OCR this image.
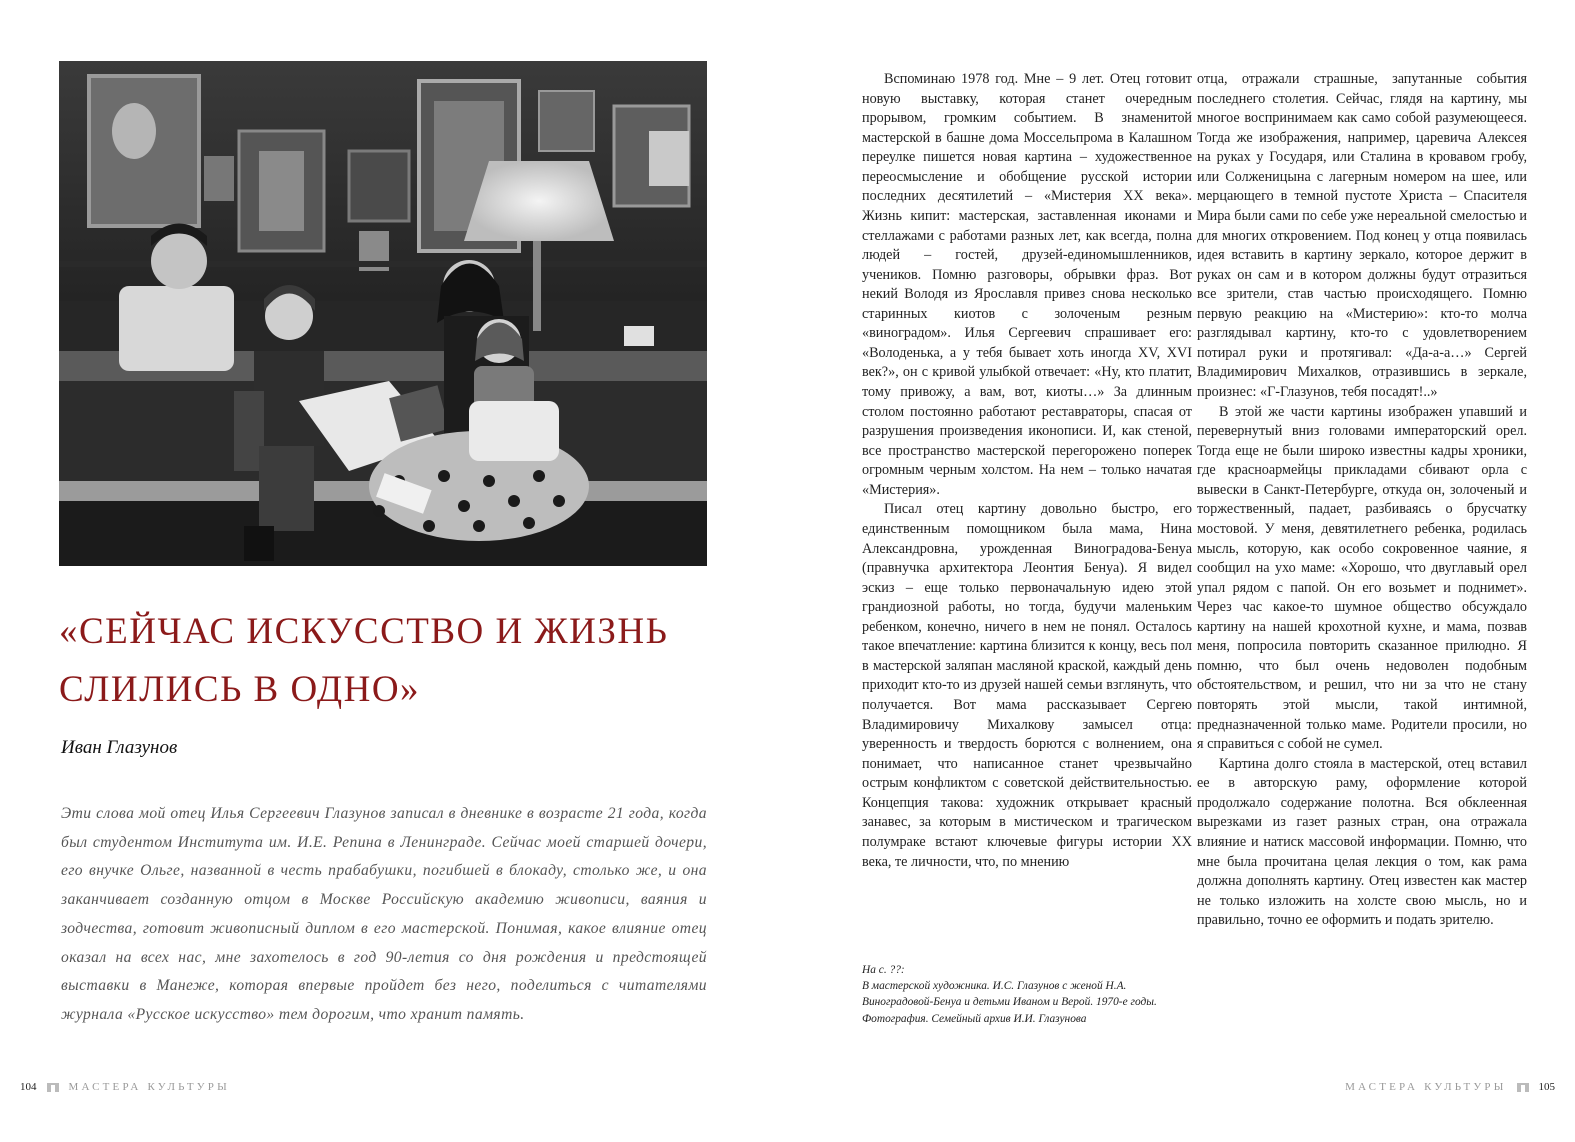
«СЕЙЧАС ИСКУССТВО И ЖИЗНЬ
СЛИЛИСЬ В ОДНО»
Иван Глазунов

Эти слова мой отец Илья Сергеевич Глазунов записал в дневнике в возрасте 21 года, когда был студентом Института им. И.Е. Репина в Ленинграде. Сейчас моей старшей дочери, его внучке Ольге, названной в честь прабабушки, погибшей в блокаду, столько же, и она заканчивает созданную отцом в Москве Российскую академию живописи, ваяния и зодчества, готовит живописный диплом в его мастерской. Понимая, какое влияние отец оказал на всех нас, мне захотелось в год 90-летия со дня рождения и предстоящей выставки в Манеже, которая впервые пройдет без него, поделиться с читателями журнала «Русское искусство» тем дорогим, что хранит память.

Вспоминаю 1978 год. Мне – 9 лет. Отец готовит новую выставку, которая станет очередным прорывом, громким событием. В знаменитой мастерской в башне дома Моссельпрома в Калашном переулке пишется новая картина – художественное переосмысление и обобщение русской истории последних десятилетий – «Мистерия XX века». Жизнь кипит: мастерская, заставленная иконами и стеллажами с работами разных лет, как всегда, полна людей – гостей, друзей-единомышленников, учеников. Помню разговоры, обрывки фраз. Вот некий Володя из Ярославля привез снова несколько старинных киотов с золоченым резным «виноградом». Илья Сергеевич спрашивает его: «Володенька, а у тебя бывает хоть иногда XV, XVI век?», он с кривой улыбкой отвечает: «Ну, кто платит, тому привожу, а вам, вот, киоты…» За длинным столом постоянно работают реставраторы, спасая от разрушения произведения иконописи. И, как стеной, все пространство мастерской перегорожено поперек огромным черным холстом. На нем – только начатая «Мистерия».

Писал отец картину довольно быстро, его единственным помощником была мама, Нина Александровна, урожденная Виноградова-Бенуа (правнучка архитектора Леонтия Бенуа). Я видел эскиз – еще только первоначальную идею этой грандиозной работы, но тогда, будучи маленьким ребенком, конечно, ничего в нем не понял. Осталось такое впечатление: картина близится к концу, весь пол в мастерской заляпан масляной краской, каждый день приходит кто-то из друзей нашей семьи взглянуть, что получается. Вот мама рассказывает Сергею Владимировичу Михалкову замысел отца: уверенность и твердость борются с волнением, она понимает, что написанное станет чрезвычайно острым конфликтом с советской действительностью. Концепция такова: художник открывает красный занавес, за которым в мистическом и трагическом полумраке встают ключевые фигуры истории XX века, те личности, что, по мнению

отца, отражали страшные, запутанные события последнего столетия. Сейчас, глядя на картину, мы многое воспринимаем как само собой разумеющееся. Тогда же изображения, например, царевича Алексея на руках у Государя, или Сталина в кровавом гробу, или Солженицына с лагерным номером на шее, или мерцающего в темной пустоте Христа – Спасителя Мира были сами по себе уже нереальной смелостью и для многих откровением. Под конец у отца появилась идея вставить в картину зеркало, которое держит в руках он сам и в котором должны будут отразиться все зрители, став частью происходящего. Помню первую реакцию на «Мистерию»: кто-то молча разглядывал картину, кто-то с удовлетворением потирал руки и протягивал: «Да-а-а…» Сергей Владимирович Михалков, отразившись в зеркале, произнес: «Г-Глазунов, тебя посадят!..»

В этой же части картины изображен упавший и перевернутый вниз головами императорский орел. Тогда еще не были широко известны кадры хроники, где красноармейцы прикладами сбивают орла с вывески в Санкт-Петербурге, откуда он, золоченый и торжественный, падает, разбиваясь о брусчатку мостовой. У меня, девятилетнего ребенка, родилась мысль, которую, как особо сокровенное чаяние, я сообщил на ухо маме: «Хорошо, что двуглавый орел упал рядом с папой. Он его возьмет и поднимет». Через час какое-то шумное общество обсуждало картину на нашей крохотной кухне, и мама, позвав меня, попросила повторить сказанное прилюдно. Я помню, что был очень недоволен подобным обстоятельством, и решил, что ни за что не стану повторять этой мысли, такой интимной, предназначенной только маме. Родители просили, но я справиться с собой не сумел.

Картина долго стояла в мастерской, отец вставил ее в авторскую раму, оформление которой продолжало содержание полотна. Вся обклеенная вырезками из газет разных стран, она отражала влияние и натиск массовой информации. Помню, что мне была прочитана целая лекция о том, как рама должна дополнять картину. Отец известен как мастер не только изложить на холсте свою мысль, но и правильно, точно ее оформить и подать зрителю.

На с. ??:
В мастерской художника. И.С. Глазунов с женой Н.А. Виноградовой-Бенуа и детьми Иваном и Верой. 1970-е годы. Фотография. Семейный архив И.И. Глазунова
104	МАСТЕРА КУЛЬТУРЫ	МАСТЕРА КУЛЬТУРЫ	105
